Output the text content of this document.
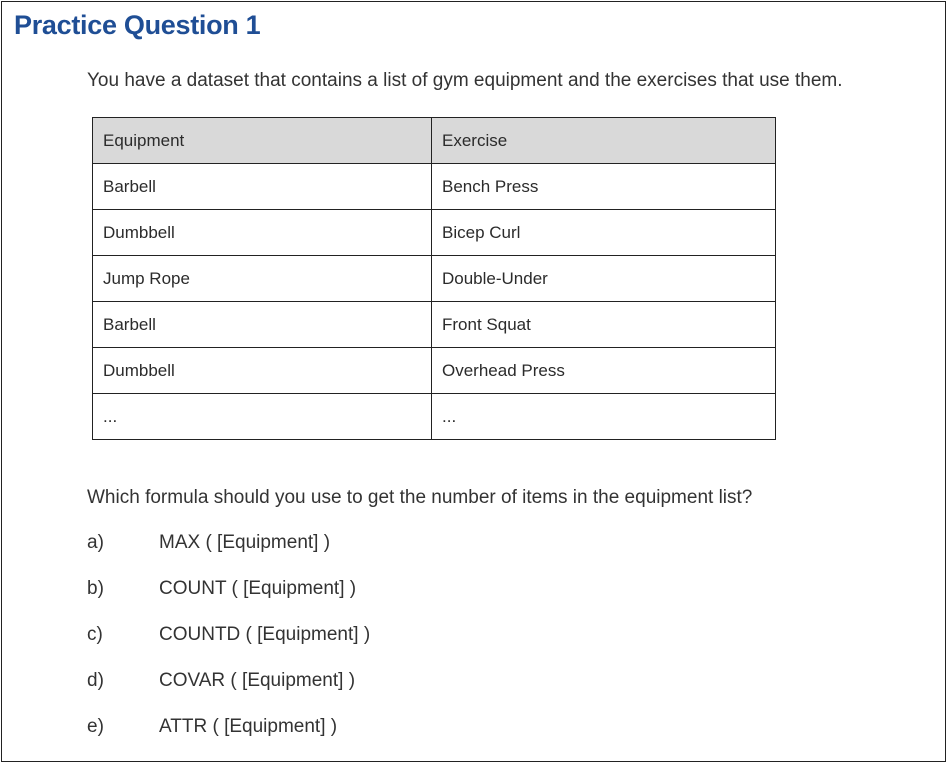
Practice Question 1
You have a dataset that contains a list of gym equipment and the exercises that use them.
Equipment	Exercise
Barbell	Bench Press
Dumbbell	Bicep Curl
Jump Rope	Double-Under
Barbell	Front Squat
Dumbbell	Overhead Press
...	...
Which formula should you use to get the number of items in the equipment list?
a)	MAX ( [Equipment] )
b)	COUNT ( [Equipment] )
c)	COUNTD ( [Equipment] )
d)	COVAR ( [Equipment] )
e)	ATTR ( [Equipment] )
